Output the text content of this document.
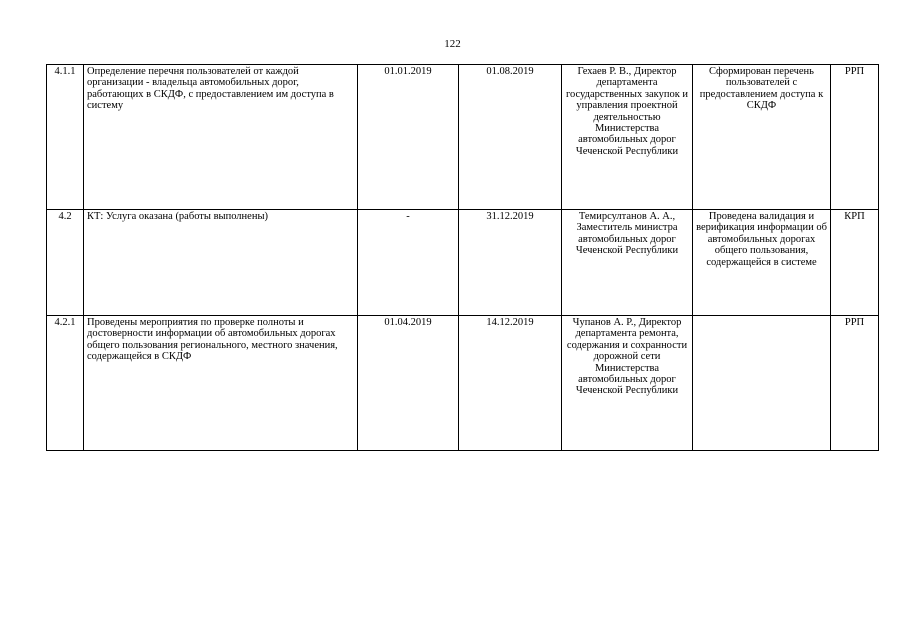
122
4.1.1	Определение перечня пользователей от каждой организации - владельца автомобильных дорог, работающих в СКДФ, с предоставлением им доступа в систему	01.01.2019	01.08.2019	Гехаев Р. В., Директор департамента государственных закупок и управления проектной деятельностью Министерства автомобильных дорог Чеченской Республики	Сформирован перечень пользователей с предоставлением доступа к СКДФ	РРП
4.2	КТ: Услуга оказана (работы выполнены)	-	31.12.2019	Темирсултанов А. А., Заместитель министра автомобильных дорог Чеченской Республики	Проведена валидация и верификация информации об автомобильных дорогах общего пользования, содержащейся в системе	КРП
4.2.1	Проведены мероприятия по проверке полноты и достоверности информации об автомобильных дорогах общего пользования регионального, местного значения, содержащейся в СКДФ	01.04.2019	14.12.2019	Чупанов А. Р., Директор департамента ремонта, содержания и сохранности дорожной сети Министерства автомобильных дорог Чеченской Республики		РРП
